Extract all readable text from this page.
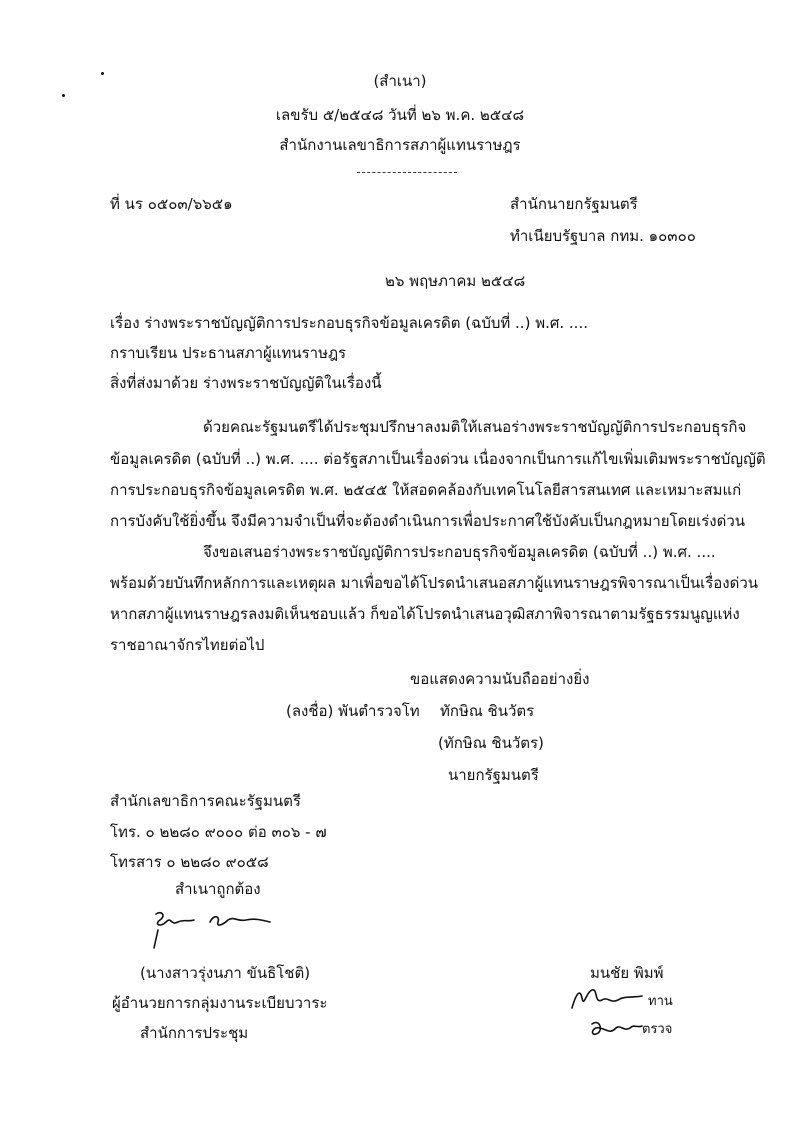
(สำเนา)
เลขรับ ๕/๒๕๔๘ วันที่ ๒๖ พ.ค. ๒๕๔๘
สำนักงานเลขาธิการสภาผู้แทนราษฎร
ที่ นร ๐๕๐๓/๖๖๕๑	สำนักนายกรัฐมนตรี
ทำเนียบรัฐบาล กทม. ๑๐๓๐๐
๒๖ พฤษภาคม ๒๕๔๘
เรื่อง ร่างพระราชบัญญัติการประกอบธุรกิจข้อมูลเครดิต (ฉบับที่ ..) พ.ศ. ....
กราบเรียน ประธานสภาผู้แทนราษฎร
สิ่งที่ส่งมาด้วย ร่างพระราชบัญญัติในเรื่องนี้
ด้วยคณะรัฐมนตรีได้ประชุมปรึกษาลงมติให้เสนอร่างพระราชบัญญัติการประกอบธุรกิจ
ข้อมูลเครดิต (ฉบับที่ ..) พ.ศ. .... ต่อรัฐสภาเป็นเรื่องด่วน เนื่องจากเป็นการแก้ไขเพิ่มเติมพระราชบัญญัติ
การประกอบธุรกิจข้อมูลเครดิต พ.ศ. ๒๕๔๕ ให้สอดคล้องกับเทคโนโลยีสารสนเทศ และเหมาะสมแก่
การบังคับใช้ยิ่งขึ้น จึงมีความจำเป็นที่จะต้องดำเนินการเพื่อประกาศใช้บังคับเป็นกฎหมายโดยเร่งด่วน
จึงขอเสนอร่างพระราชบัญญัติการประกอบธุรกิจข้อมูลเครดิต (ฉบับที่ ..) พ.ศ. ....
พร้อมด้วยบันทึกหลักการและเหตุผล มาเพื่อขอได้โปรดนำเสนอสภาผู้แทนราษฎรพิจารณาเป็นเรื่องด่วน
หากสภาผู้แทนราษฎรลงมติเห็นชอบแล้ว ก็ขอได้โปรดนำเสนอวุฒิสภาพิจารณาตามรัฐธรรมนูญแห่ง
ราชอาณาจักรไทยต่อไป
ขอแสดงความนับถืออย่างยิ่ง
(ลงชื่อ) พันตำรวจโท ทักษิณ ชินวัตร
(ทักษิณ ชินวัตร)
นายกรัฐมนตรี
สำนักเลขาธิการคณะรัฐมนตรี
โทร. ๐ ๒๒๘๐ ๙๐๐๐ ต่อ ๓๐๖ - ๗
โทรสาร ๐ ๒๒๘๐ ๙๐๕๘
สำเนาถูกต้อง
(นางสาวรุ่งนภา ขันธิโชติ)
ผู้อำนวยการกลุ่มงานระเบียบวาระ
สำนักการประชุม
มนชัย พิมพ์
ทาน
ตรวจ
